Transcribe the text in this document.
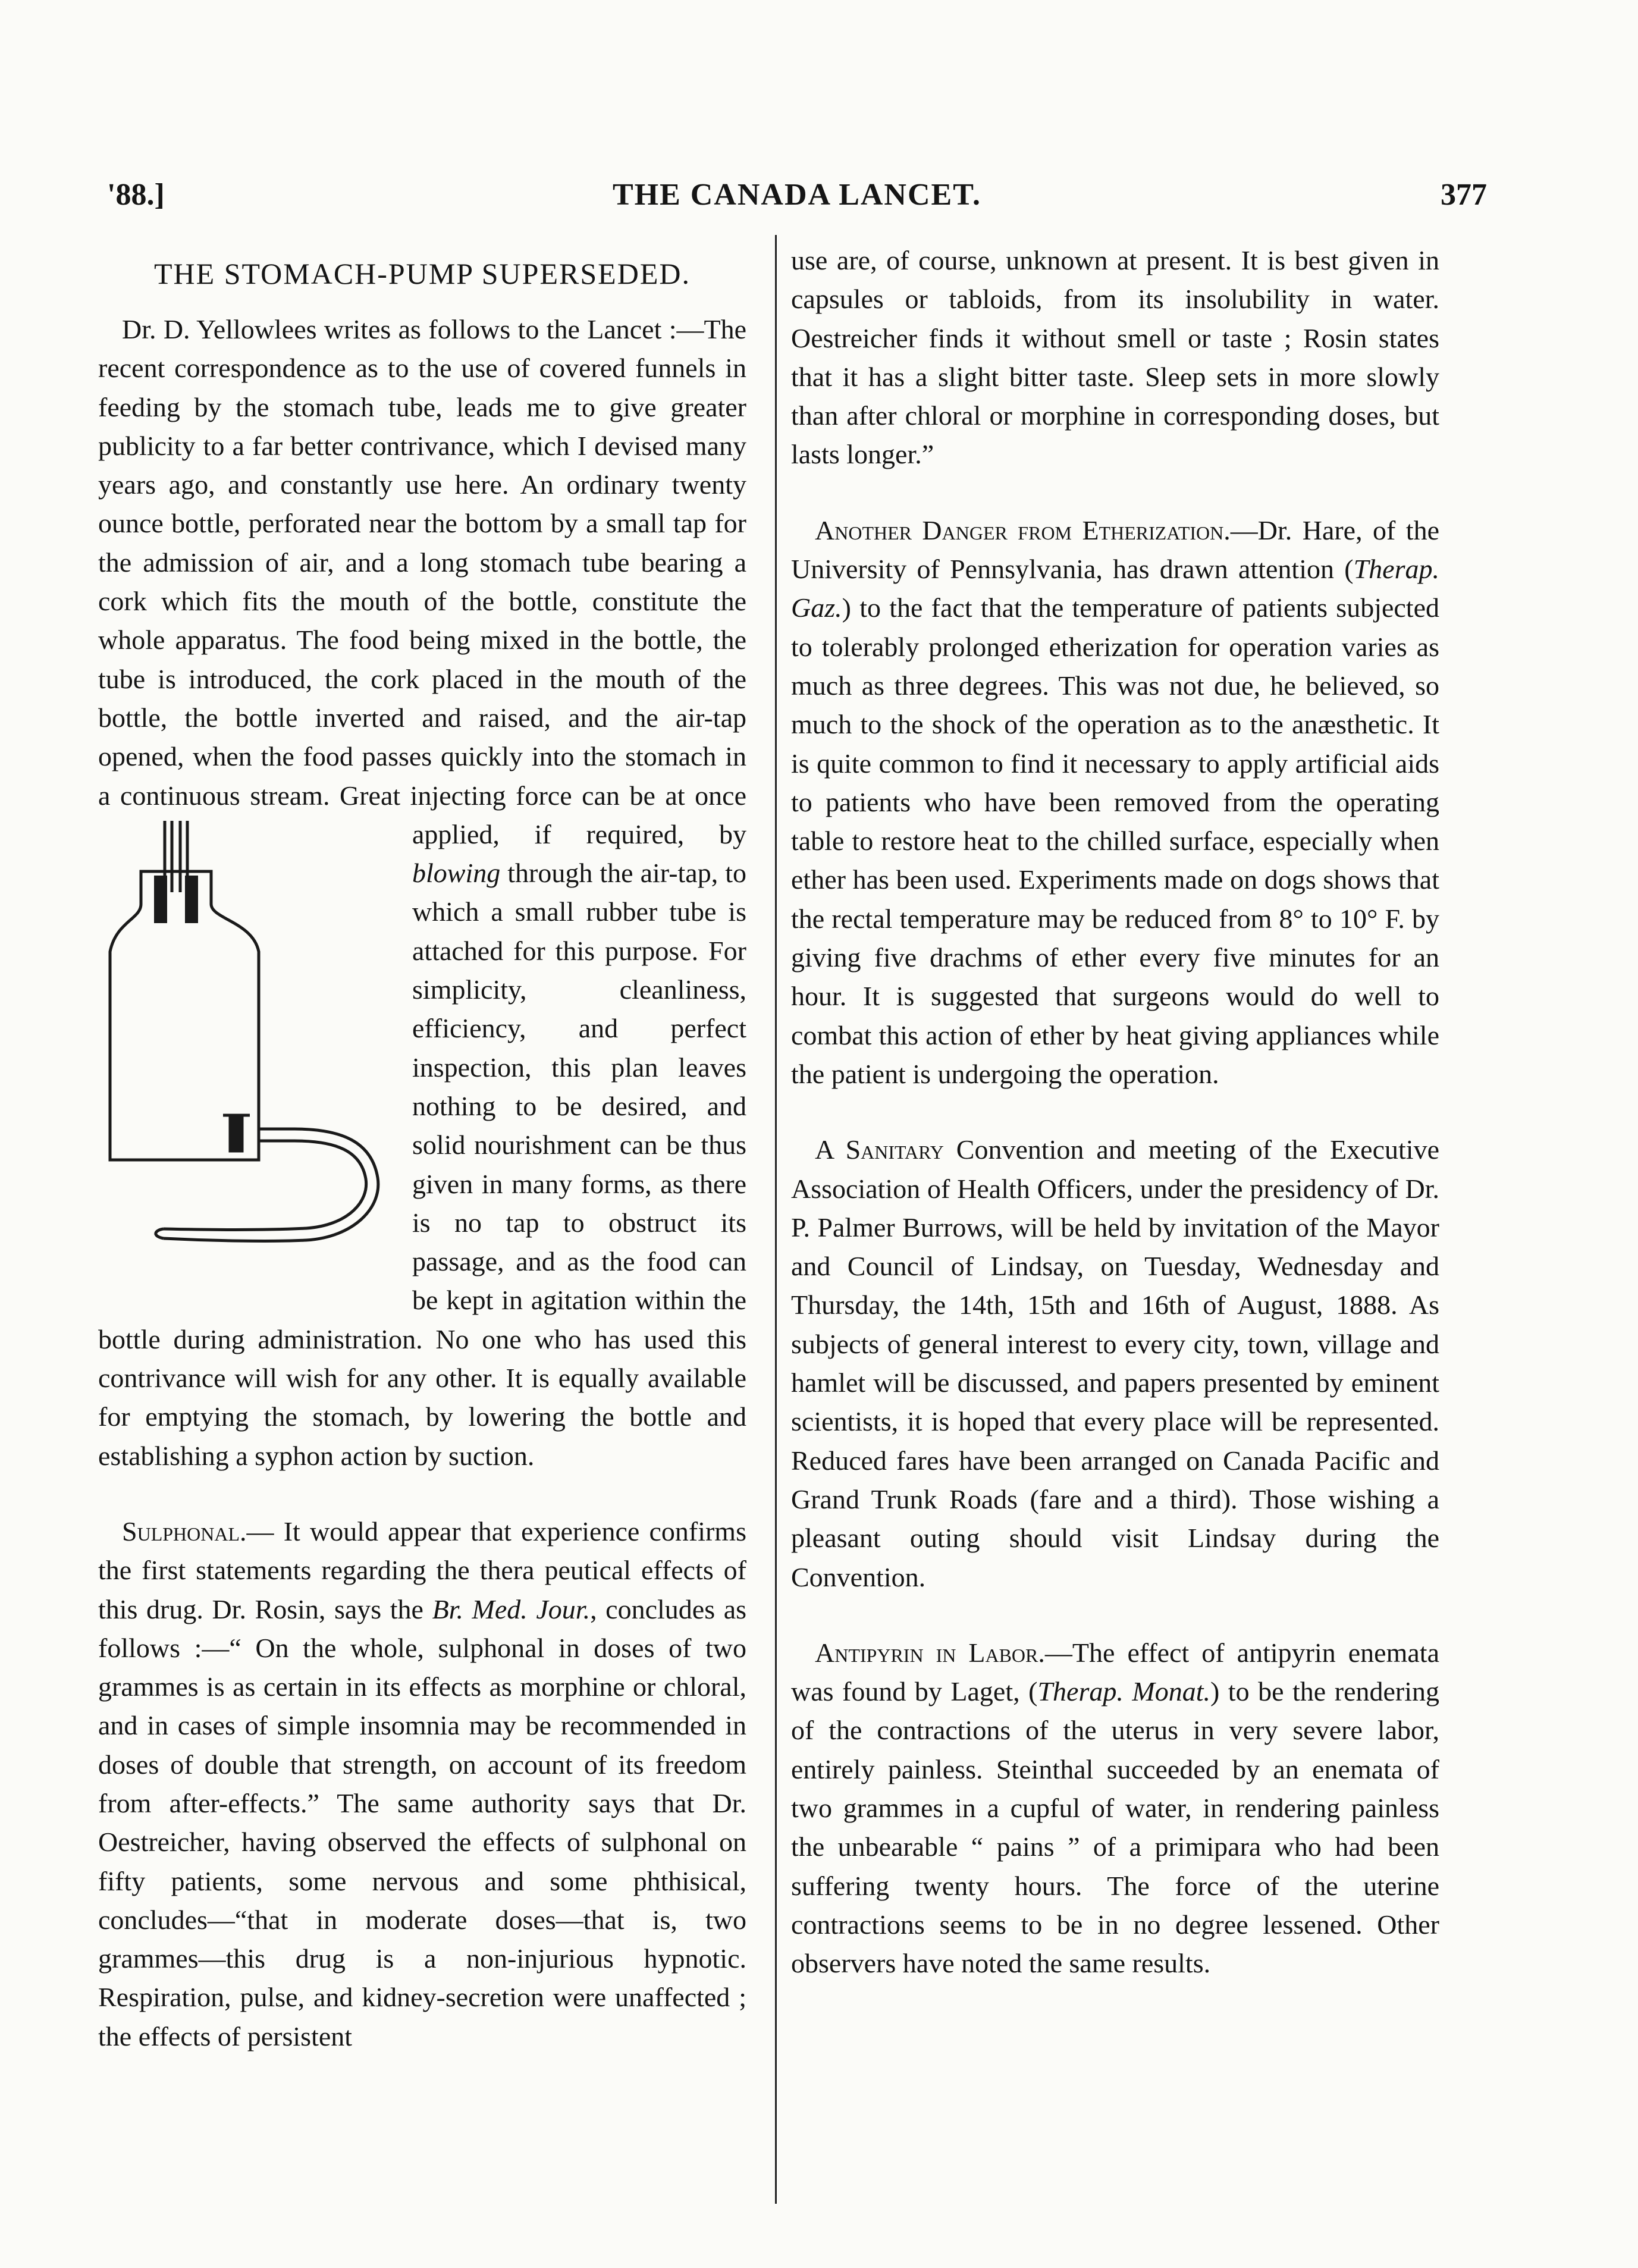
'88.]	THE CANADA LANCET.	377
THE STOMACH-PUMP SUPERSEDED.

Dr. D. Yellowlees writes as follows to the Lancet :—The recent correspondence as to the use of covered funnels in feeding by the stomach tube, leads me to give greater publicity to a far better contrivance, which I devised many years ago, and constantly use here. An ordinary twenty ounce bottle, perforated near the bottom by a small tap for the admission of air, and a long stomach tube bearing a cork which fits the mouth of the bottle, constitute the whole apparatus. The food being mixed in the bottle, the tube is introduced, the cork placed in the mouth of the bottle, the bottle inverted and raised, and the air-tap opened, when the food passes quickly into the stomach in a continuous stream. Great injecting force can be at once applied, if required, by
blowing through the air-tap, to which a small rubber tube is attached for this purpose. For simplicity, cleanliness, efficiency, and perfect inspection, this plan leaves nothing to be desired, and solid nourishment can be thus given in many forms, as there is no tap to obstruct its passage, and as the food can be kept in agitation within the bottle during administration. No one who has used this contrivance will wish for any other. It is equally available for emptying the stomach, by lowering the bottle and establishing a syphon action by suction.

Sulphonal.— It would appear that experience confirms the first statements regarding the thera peutical effects of this drug. Dr. Rosin, says the Br. Med. Jour., concludes as follows :—“ On the whole, sulphonal in doses of two grammes is as certain in its effects as morphine or chloral, and in cases of simple insomnia may be recommended in doses of double that strength, on account of its freedom from after-effects.” The same authority says that Dr. Oestreicher, having observed the effects of sulphonal on fifty patients, some nervous and some phthisical, concludes—“that in moderate doses—that is, two grammes—this drug is a non-injurious hypnotic. Respiration, pulse, and kidney-secretion were unaffected ; the effects of persistent

use are, of course, unknown at present. It is best given in capsules or tabloids, from its insolubility in water. Oestreicher finds it without smell or taste ; Rosin states that it has a slight bitter taste. Sleep sets in more slowly than after chloral or morphine in corresponding doses, but lasts longer.”

Another Danger from Etherization.—Dr. Hare, of the University of Pennsylvania, has drawn attention (Therap. Gaz.) to the fact that the temperature of patients subjected to tolerably prolonged etherization for operation varies as much as three degrees. This was not due, he believed, so much to the shock of the operation as to the anæsthetic. It is quite common to find it necessary to apply artificial aids to patients who have been removed from the operating table to restore heat to the chilled surface, especially when ether has been used. Experiments made on dogs shows that the rectal temperature may be reduced from 8° to 10° F. by giving five drachms of ether every five minutes for an hour. It is suggested that surgeons would do well to combat this action of ether by heat giving appliances while the patient is undergoing the operation.

A Sanitary Convention and meeting of the Executive Association of Health Officers, under the presidency of Dr. P. Palmer Burrows, will be held by invitation of the Mayor and Council of Lindsay, on Tuesday, Wednesday and Thursday, the 14th, 15th and 16th of August, 1888. As subjects of general interest to every city, town, village and hamlet will be discussed, and papers presented by eminent scientists, it is hoped that every place will be represented. Reduced fares have been arranged on Canada Pacific and Grand Trunk Roads (fare and a third). Those wishing a pleasant outing should visit Lindsay during the Convention.

Antipyrin in Labor.—The effect of antipyrin enemata was found by Laget, (Therap. Monat.) to be the rendering of the contractions of the uterus in very severe labor, entirely painless. Steinthal succeeded by an enemata of two grammes in a cupful of water, in rendering painless the unbearable “ pains ” of a primipara who had been suffering twenty hours. The force of the uterine contractions seems to be in no degree lessened. Other observers have noted the same results.
